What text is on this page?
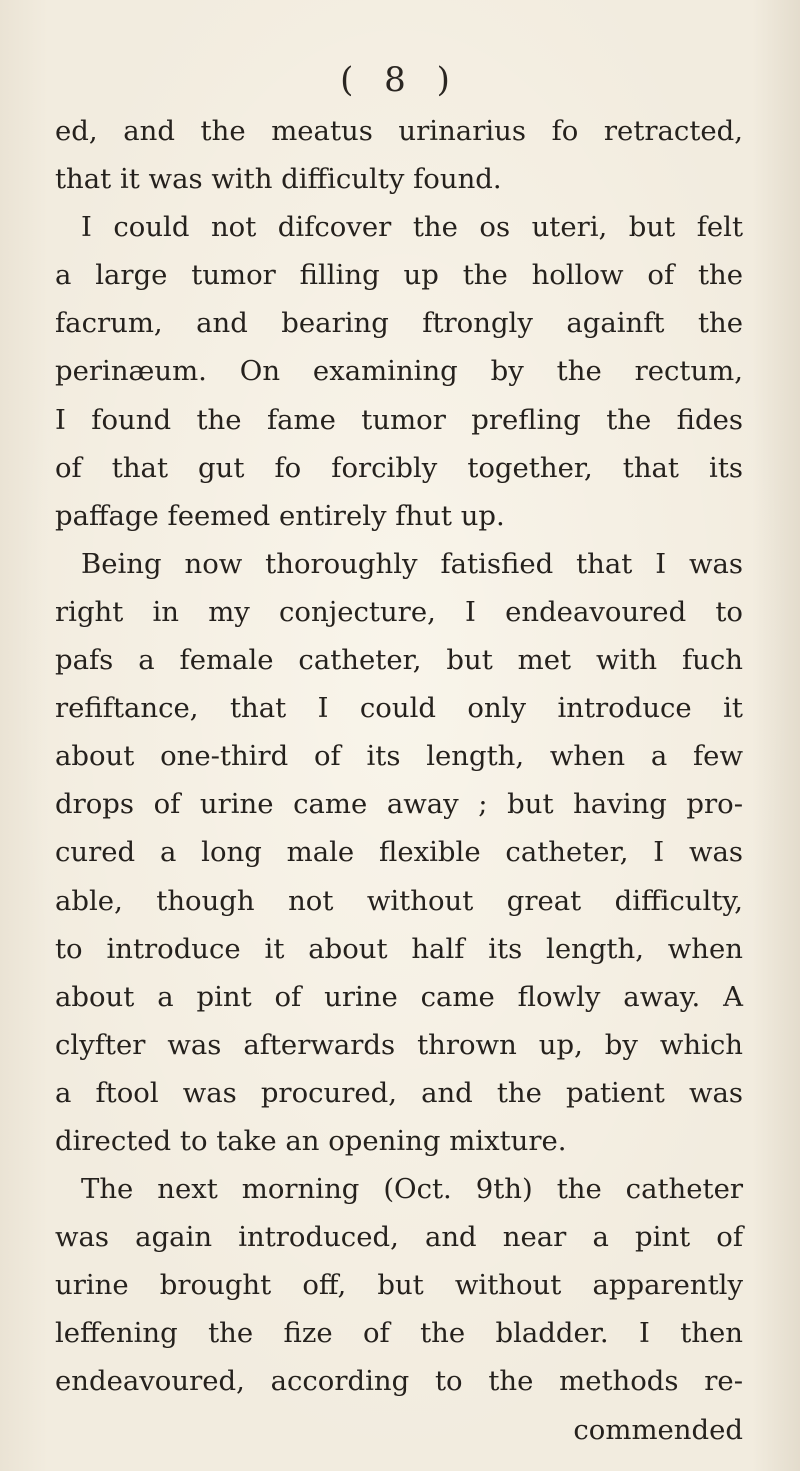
( 8 )
ed, and the meatus urinarius fo retracted,
that it was with difficulty found.
I could not difcover the os uteri, but felt
a large tumor filling up the hollow of the
facrum, and bearing ftrongly againft the
perinæum. On examining by the rectum,
I found the fame tumor prefling the fides
of that gut fo forcibly together, that its
paffage feemed entirely fhut up.
Being now thoroughly fatisfied that I was
right in my conjecture, I endeavoured to
pafs a female catheter, but met with fuch
refiftance, that I could only introduce it
about one-third of its length, when a few
drops of urine came away ; but having pro-
cured a long male flexible catheter, I was
able, though not without great difficulty,
to introduce it about half its length, when
about a pint of urine came flowly away. A
clyfter was afterwards thrown up, by which
a ftool was procured, and the patient was
directed to take an opening mixture.
The next morning (Oct. 9th) the catheter
was again introduced, and near a pint of
urine brought off, but without apparently
leffening the fize of the bladder. I then
endeavoured, according to the methods re-
commended
